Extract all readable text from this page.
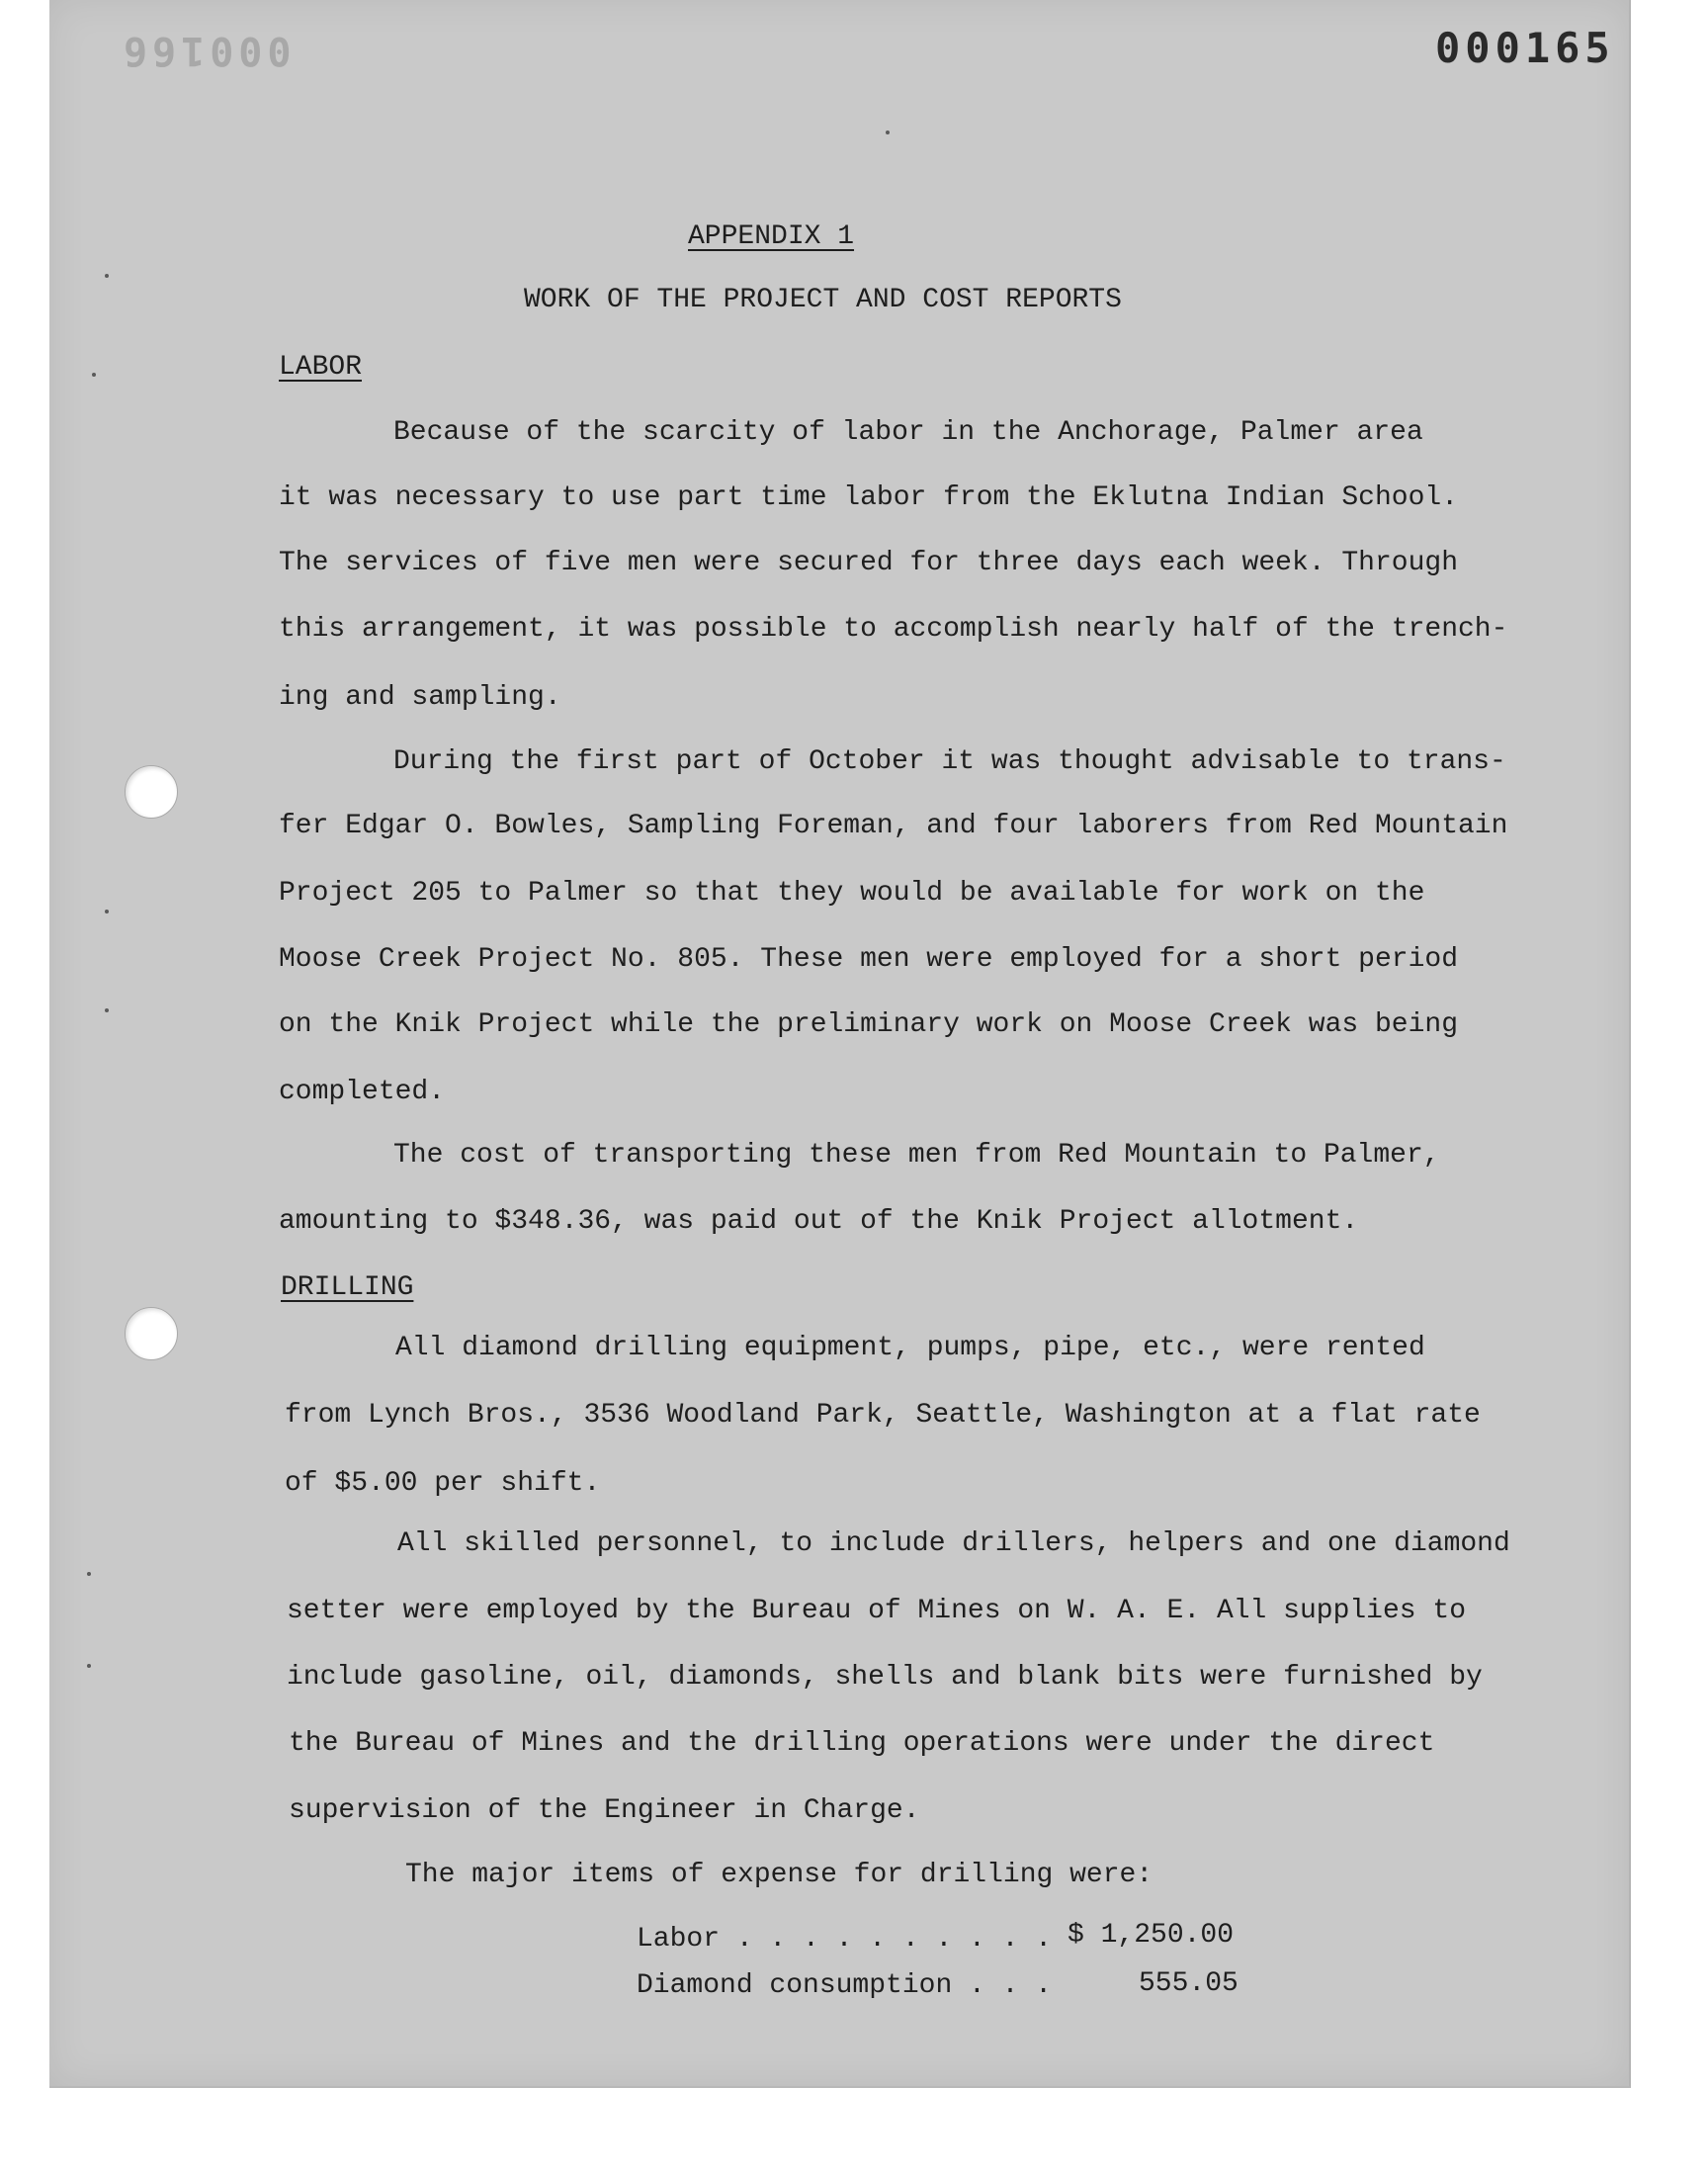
000166	000165
APPENDIX 1
WORK OF THE PROJECT AND COST REPORTS
LABOR
Because of the scarcity of labor in the Anchorage, Palmer area
it was necessary to use part time labor from the Eklutna Indian School.
The services of five men were secured for three days each week. Through
this arrangement, it was possible to accomplish nearly half of the trench-
ing and sampling.
During the first part of October it was thought advisable to trans-
fer Edgar O. Bowles, Sampling Foreman, and four laborers from Red Mountain
Project 205 to Palmer so that they would be available for work on the
Moose Creek Project No. 805. These men were employed for a short period
on the Knik Project while the preliminary work on Moose Creek was being
completed.
The cost of transporting these men from Red Mountain to Palmer,
amounting to $348.36, was paid out of the Knik Project allotment.
DRILLING
All diamond drilling equipment, pumps, pipe, etc., were rented
from Lynch Bros., 3536 Woodland Park, Seattle, Washington at a flat rate
of $5.00 per shift.
All skilled personnel, to include drillers, helpers and one diamond
setter were employed by the Bureau of Mines on W. A. E. All supplies to
include gasoline, oil, diamonds, shells and blank bits were furnished by
the Bureau of Mines and the drilling operations were under the direct
supervision of the Engineer in Charge.
The major items of expense for drilling were:
Labor . . . . . . . . . . $ 1,250.00
Diamond consumption . . .	555.05
